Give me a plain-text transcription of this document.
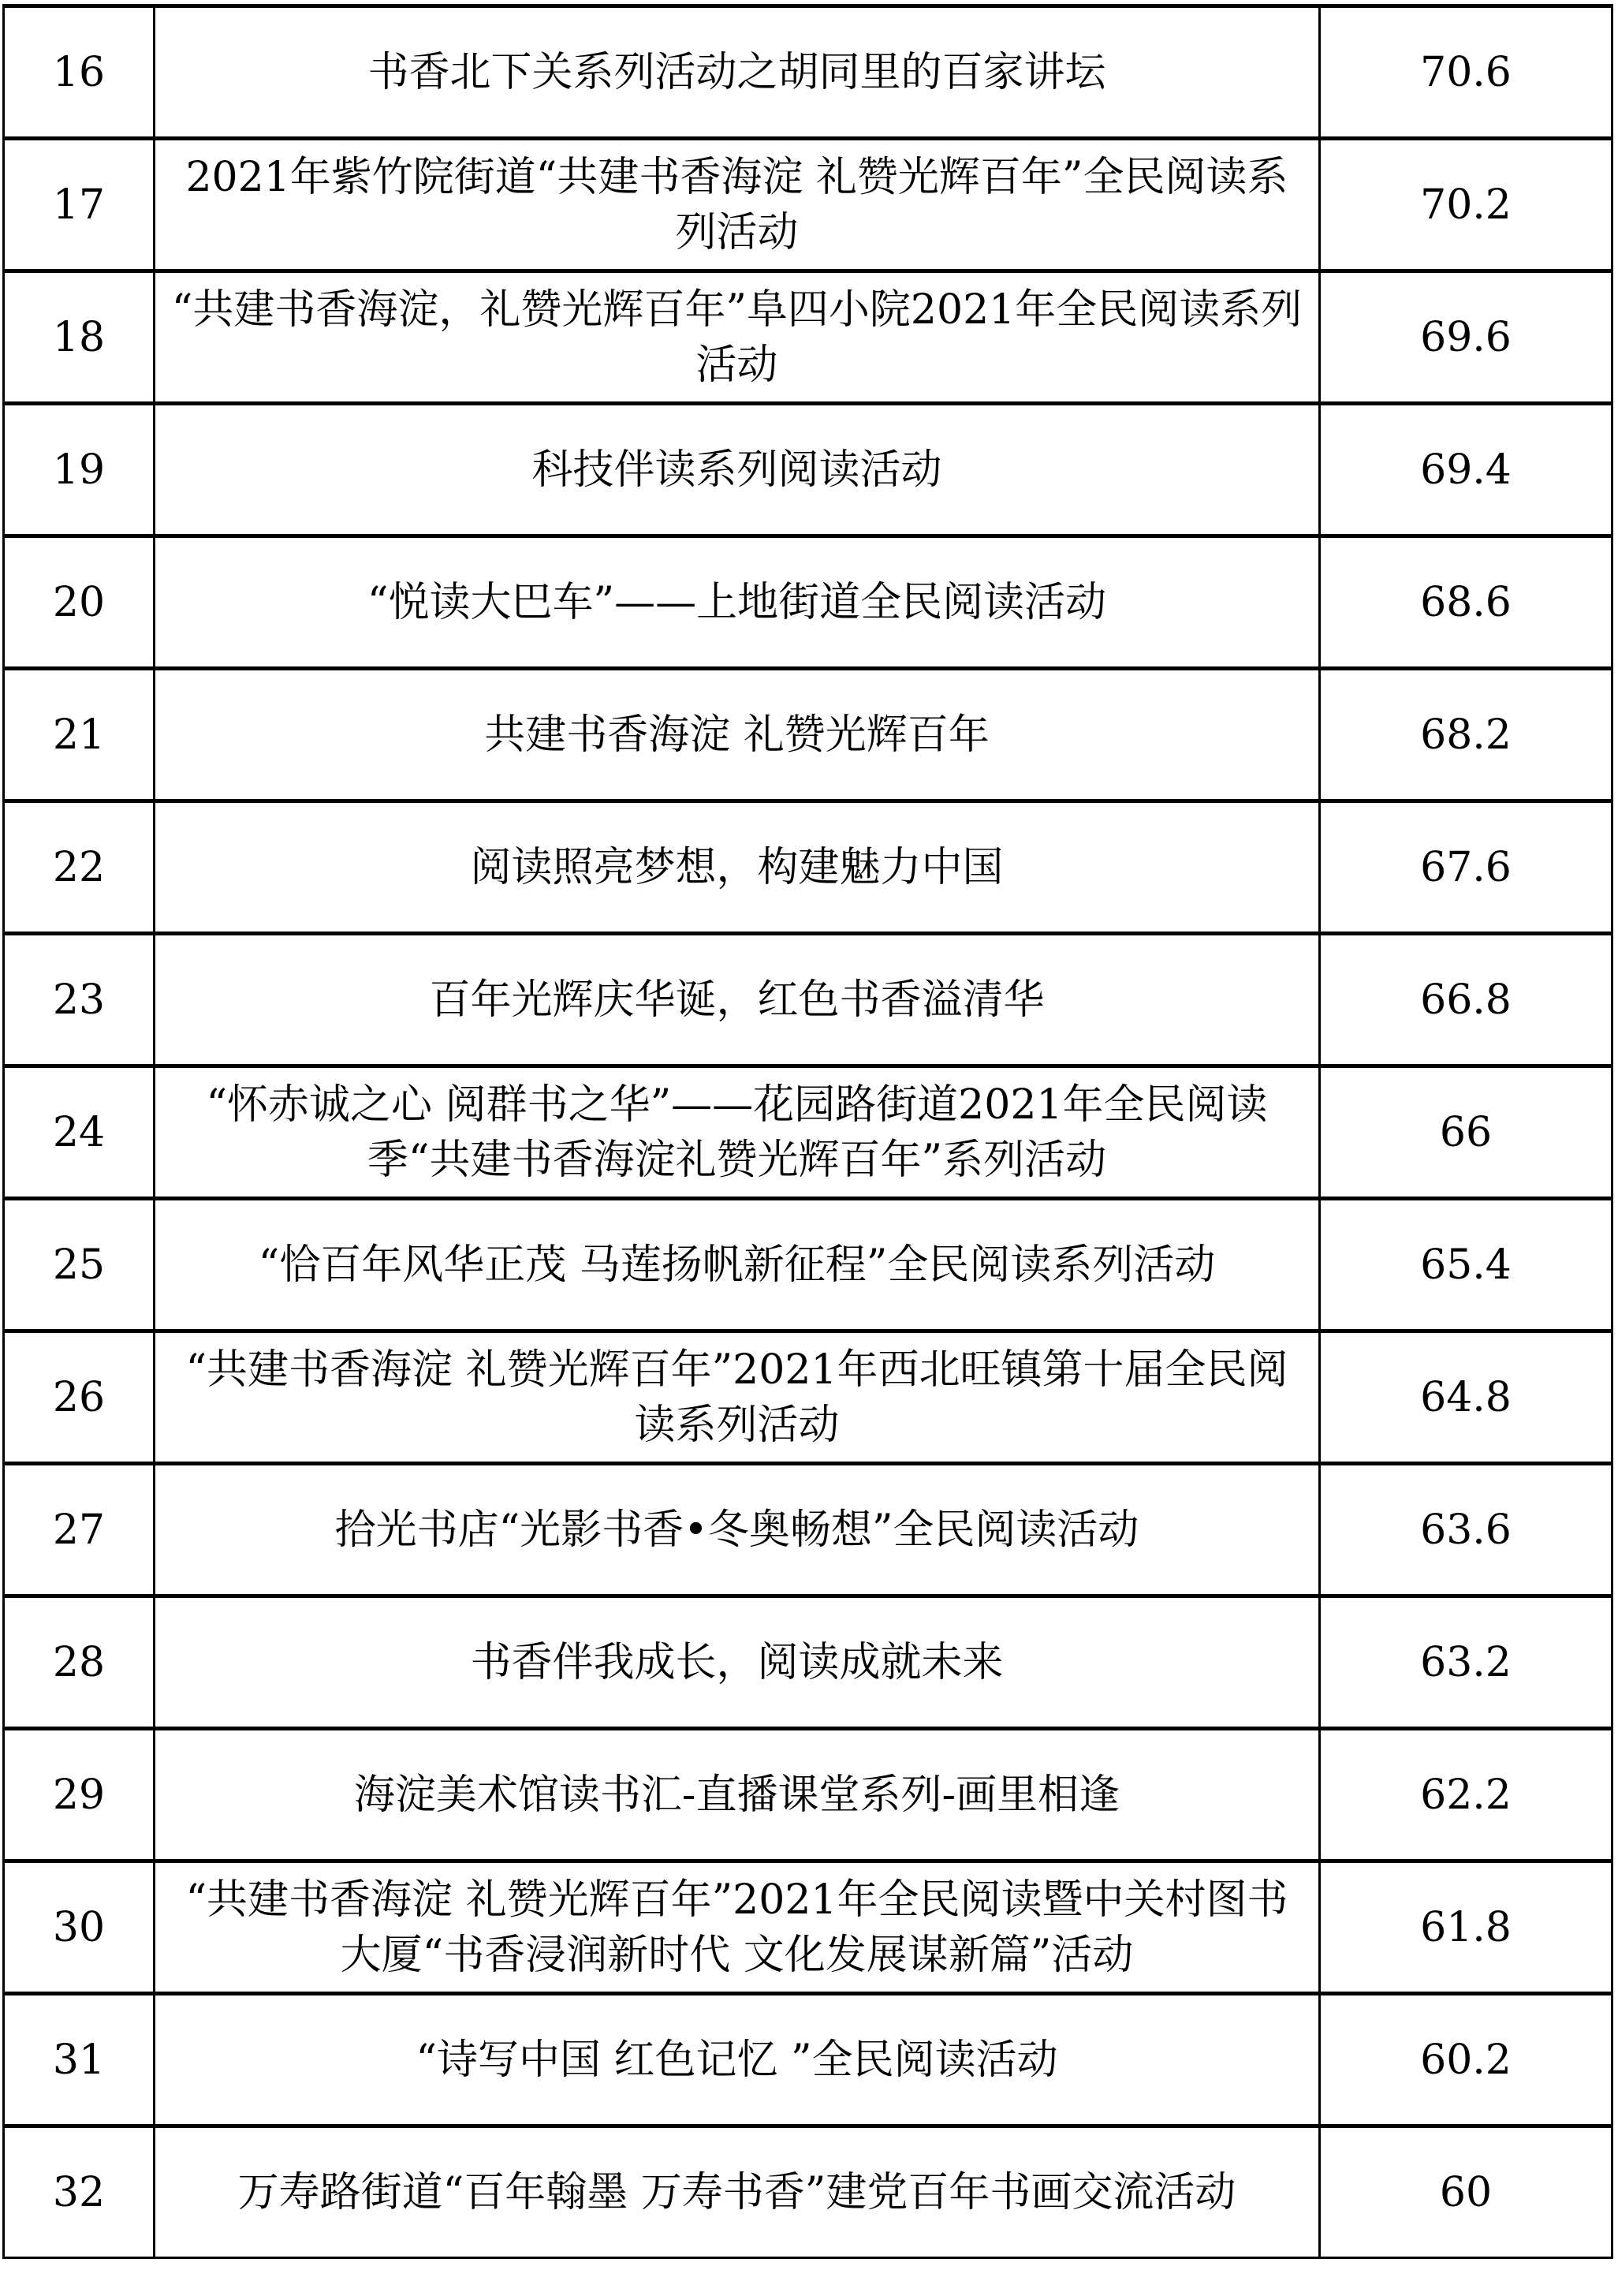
16	书香北下关系列活动之胡同里的百家讲坛	70.6
17	2021年紫竹院街道“共建书香海淀 礼赞光辉百年”全民阅读系列活动	70.2
18	“共建书香海淀，礼赞光辉百年”阜四小院2021年全民阅读系列活动	69.6
19	科技伴读系列阅读活动	69.4
20	“悦读大巴车”——上地街道全民阅读活动	68.6
21	共建书香海淀 礼赞光辉百年	68.2
22	阅读照亮梦想，构建魅力中国	67.6
23	百年光辉庆华诞，红色书香溢清华	66.8
24	“怀赤诚之心 阅群书之华”——花园路街道2021年全民阅读季“共建书香海淀礼赞光辉百年”系列活动	66
25	“恰百年风华正茂 马莲扬帆新征程”全民阅读系列活动	65.4
26	“共建书香海淀 礼赞光辉百年”2021年西北旺镇第十届全民阅读系列活动	64.8
27	拾光书店“光影书香•冬奥畅想”全民阅读活动	63.6
28	书香伴我成长，阅读成就未来	63.2
29	海淀美术馆读书汇-直播课堂系列-画里相逢	62.2
30	“共建书香海淀 礼赞光辉百年”2021年全民阅读暨中关村图书大厦“书香浸润新时代 文化发展谋新篇”活动	61.8
31	“诗写中国 红色记忆 ”全民阅读活动	60.2
32	万寿路街道“百年翰墨 万寿书香”建党百年书画交流活动	60
